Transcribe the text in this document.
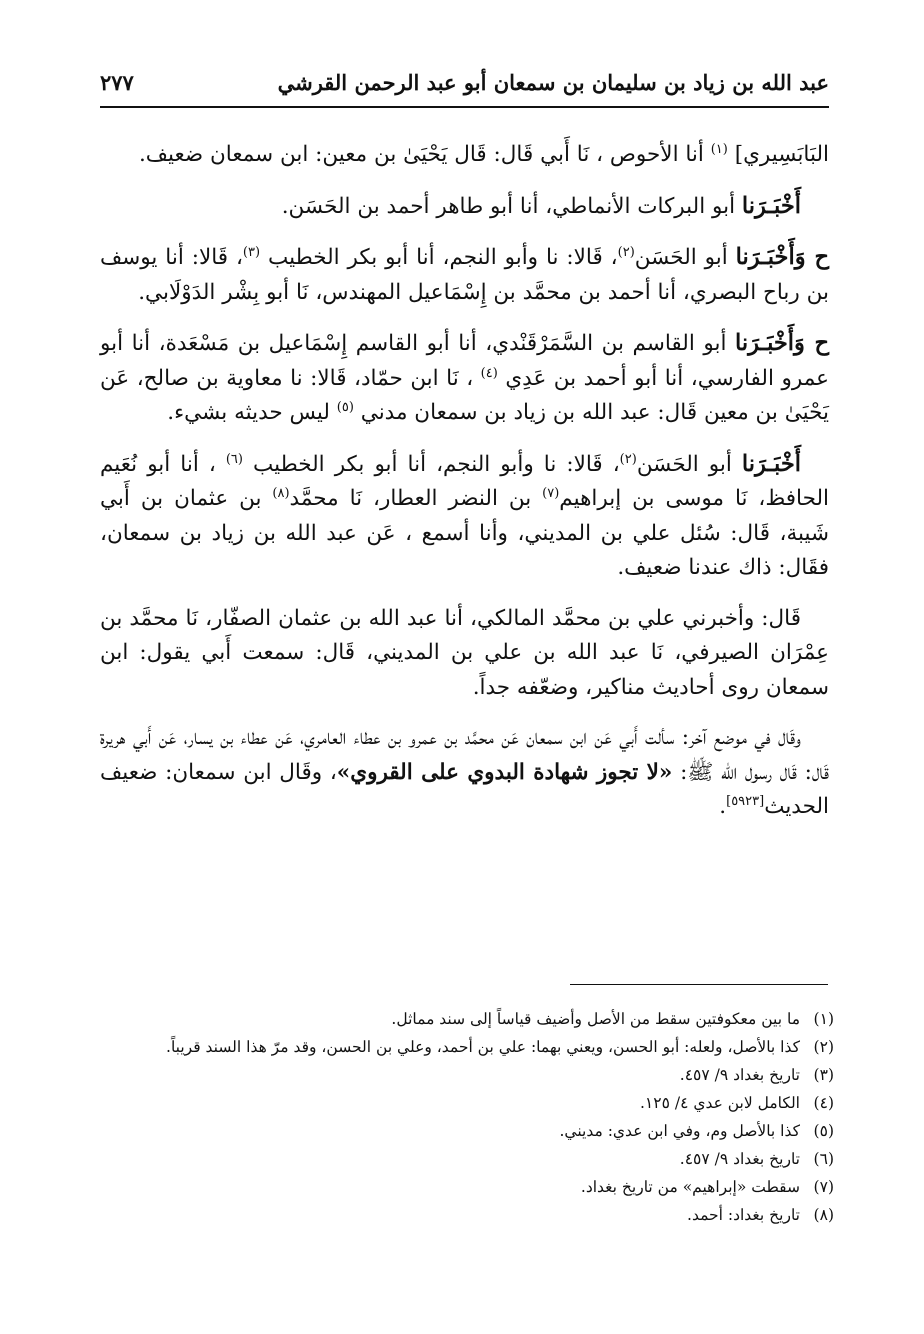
عبد الله بن زياد بن سليمان بن سمعان أبو عبد الرحمن القرشي
٢٧٧

البَابَسِيري] $^{(١)}$ أنا الأحوص ، نَا أَبي قَال: قَال يَحْيَىٰ بن معين: ابن سمعان ضعيف.

أَخْبَـرَنا أبو البركات الأنماطي، أنا أبو طاهر أحمد بن الحَسَن.

ح وَأَخْبَـرَنا أبو الحَسَن$^{(٢)}$، قَالا: نا وأبو النجم، أنا أبو بكر الخطيب $^{(٣)}$، قَالا: أنا يوسف بن رباح البصري، أنا أحمد بن محمَّد بن إِسْمَاعيل المهندس، نَا أبو بِشْر الدَوْلَابي.

ح وَأَخْبَـرَنا أبو القاسم بن السَّمَرْقَنْدي، أنا أبو القاسم إِسْمَاعيل بن مَسْعَدة، أنا أبو عمرو الفارسي، أنا أبو أحمد بن عَدِي $^{(٤)}$ ، نَا ابن حمّاد، قَالا: نا معاوية بن صالح، عَن يَحْيَىٰ بن معين قَال: عبد الله بن زياد بن سمعان مدني $^{(٥)}$ ليس حديثه بشيء.

أَخْبَـرَنا أبو الحَسَن$^{(٢)}$، قَالا: نا وأبو النجم، أنا أبو بكر الخطيب $^{(٦)}$ ، أنا أبو نُعَيم الحافظ، نَا موسى بن إبراهيم$^{(٧)}$ بن النضر العطار، نَا محمَّد$^{(٨)}$ بن عثمان بن أَبي شَيبة، قَال: سُئل علي بن المديني، وأنا أسمع ، عَن عبد الله بن زياد بن سمعان، فقَال: ذاك عندنا ضعيف.

قَال: وأخبرني علي بن محمَّد المالكي، أنا عبد الله بن عثمان الصفّار، نَا محمَّد بن عِمْرَان الصيرفي، نَا عبد الله بن علي بن المديني، قَال: سمعت أَبي يقول: ابن سمعان روى أحاديث مناكير، وضعّفه جداً.

وقَال في موضع آخر: سألت أَبي عَن ابن سمعان عَن محمَّد بن عمرو بن عطاء العامري، عَن عطاء بن يسار، عَن أَبي هريرة قَال: قَال رسول الله ﷺ: «لا تجوز شهادة البدوي على القروي»، وقَال ابن سمعان: ضعيف الحديث[٥٩٢٣].

(١)
ما بين معكوفتين سقط من الأصل وأضيف قياساً إلى سند مماثل.
(٢)
كذا بالأصل، ولعله: أبو الحسن، ويعني بهما: علي بن أحمد، وعلي بن الحسن، وقد مرّ هذا السند قريباً.
(٣)
تاريخ بغداد ٩/ ٤٥٧.
(٤)
الكامل لابن عدي ٤/ ١٢٥.
(٥)
كذا بالأصل وم، وفي ابن عدي: مديني.
(٦)
تاريخ بغداد ٩/ ٤٥٧.
(٧)
سقطت «إبراهيم» من تاريخ بغداد.
(٨)
تاريخ بغداد: أحمد.
